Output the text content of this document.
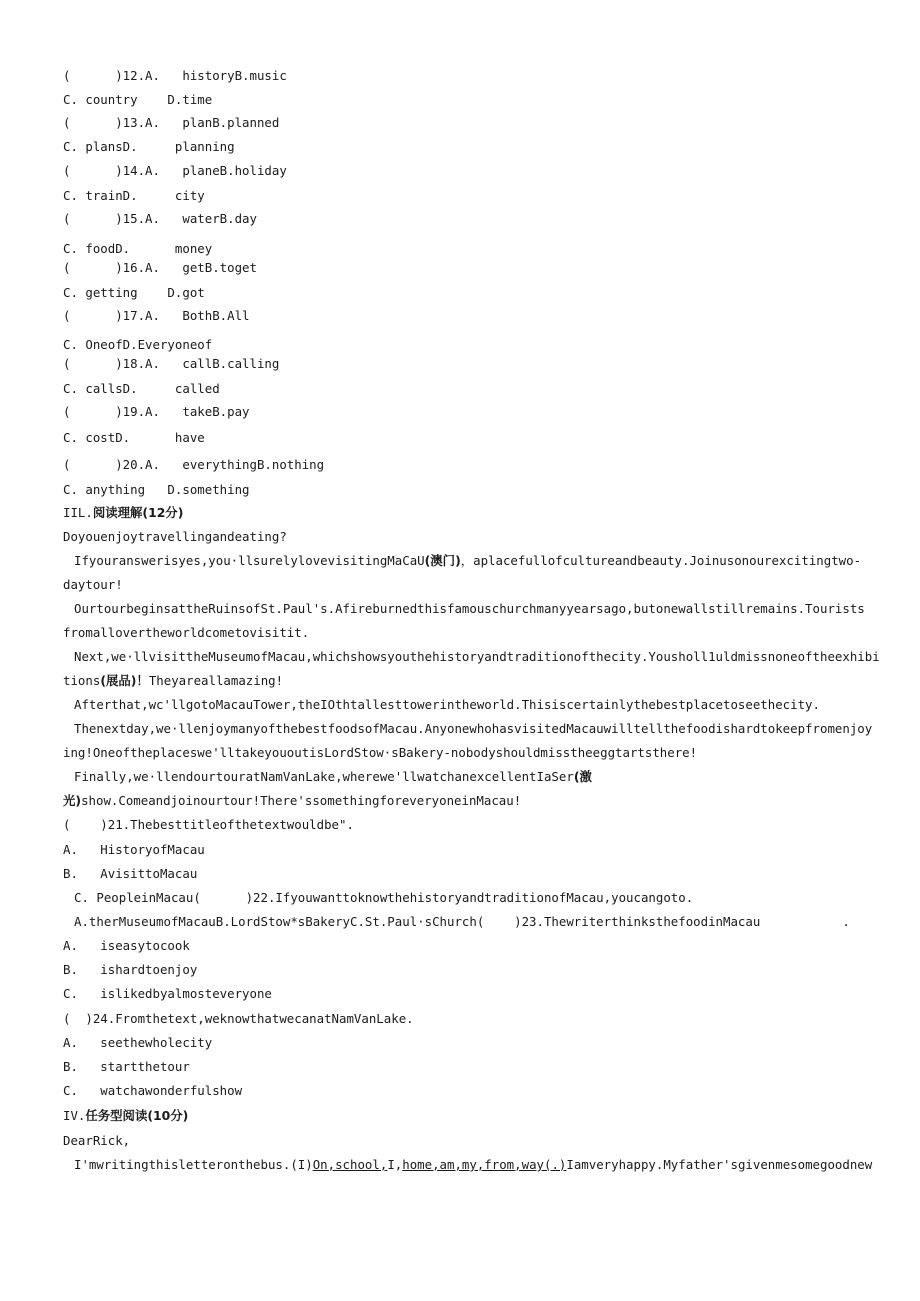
(      )12.A.   historyB.music
C. country    D.time
(      )13.A.   planB.planned
C. plansD.     planning
(      )14.A.   planeB.holiday
C. trainD.     city
(      )15.A.   waterB.day
C. foodD.      money
(      )16.A.   getB.toget
C. getting    D.got
(      )17.A.   BothB.All
C. OneofD.Everyoneof
(      )18.A.   callB.calling
C. callsD.     called
(      )19.A.   takeB.pay
C. costD.      have
(      )20.A.   everythingB.nothing
C. anything   D.something
IIL.阅读理解(12分)
Doyouenjoytravellingandeating?
Ifyouranswerisyes,you·llsurelylovevisitingMaCaU(澳门)，aplacefullofcultureandbeauty.Joinusonourexcitingtwo-
daytour!
OurtourbeginsattheRuinsofSt.Paul's.Afireburnedthisfamouschurchmanyyearsago,butonewallstillremains.Tourists
fromallovertheworldcometovisitit.
Next,we·llvisittheMuseumofMacau,whichshowsyouthehistoryandtraditionofthecity.Yousholl1uldmissnoneoftheexhibi
tions(展品)！Theyareallamazing!
Afterthat,wc'llgotoMacauTower,theIOthtallesttowerintheworld.Thisiscertainlythebestplacetoseethecity.
Thenextday,we·llenjoymanyofthebestfoodsofMacau.AnyonewhohasvisitedMacauwilltellthefoodishardtokeepfromenjoy
ing!Oneoftheplaceswe'lltakeyououtisLordStow·sBakery-nobodyshouldmisstheeggtartsthere!
Finally,we·llendourtouratNamVanLake,wherewe'llwatchanexcellentIaSer(激
光)show.Comeandjoinourtour!There'ssomethingforeveryoneinMacau!
(    )21.Thebesttitleofthetextwouldbe".
A.   HistoryofMacau
B.   AvisittoMacau
C. PeopleinMacau(      )22.IfyouwanttoknowthehistoryandtraditionofMacau,youcangoto.
A.therMuseumofMacauB.LordStow*sBakeryC.St.Paul·sChurch(    )23.ThewriterthinksthefoodinMacau           .
A.   iseasytocook
B.   ishardtoenjoy
C.   islikedbyalmosteveryone
(  )24.Fromthetext,weknowthatwecanatNamVanLake.
A.   seethewholecity
B.   startthetour
C.   watchawonderfulshow
IV.任务型阅读(10分)
DearRick,
I'mwritingthisletteronthebus.(I)On,school,I,home,am,my,from,way(.)Iamveryhappy.Myfather'sgivenmesomegoodnew
